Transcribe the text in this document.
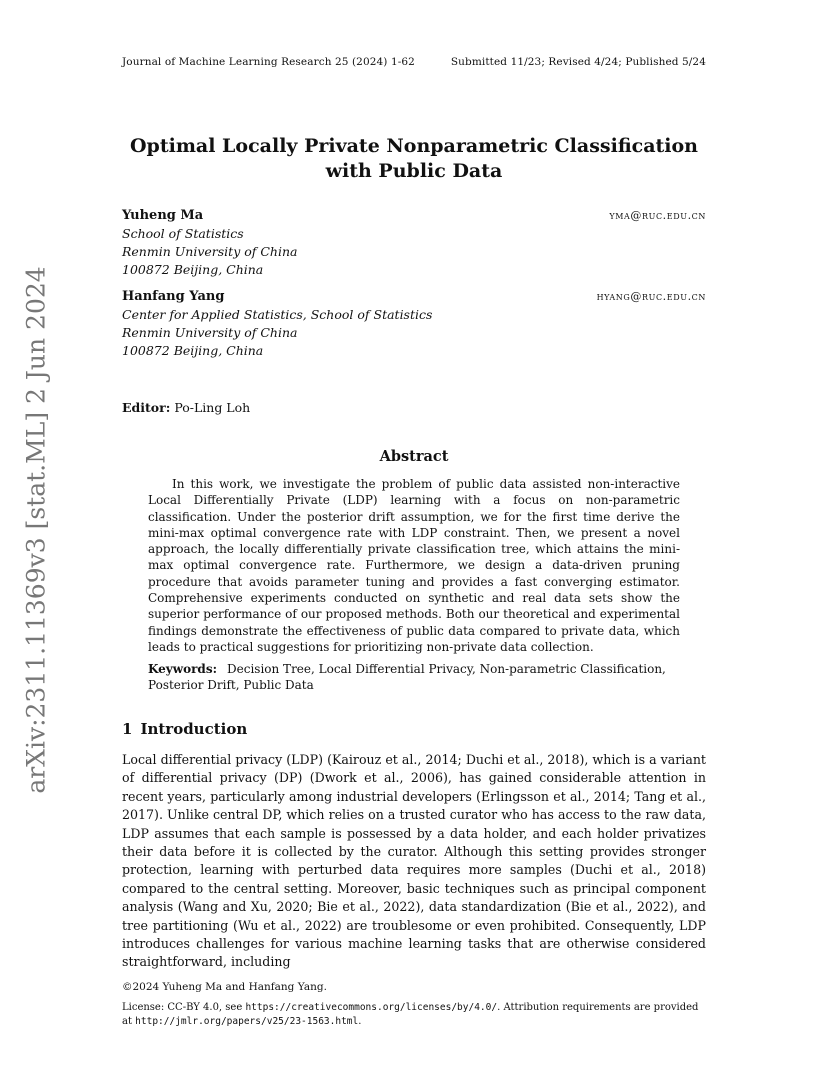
Journal of Machine Learning Research 25 (2024) 1-62	Submitted 11/23; Revised 4/24; Published 5/24
arXiv:2311.11369v3 [stat.ML] 2 Jun 2024
Optimal Locally Private Nonparametric Classification
with Public Data
Yuheng Ma	yma@ruc.edu.cn
School of Statistics
Renmin University of China
100872 Beijing, China
Hanfang Yang	hyang@ruc.edu.cn
Center for Applied Statistics, School of Statistics
Renmin University of China
100872 Beijing, China
Editor: Po-Ling Loh
Abstract

In this work, we investigate the problem of public data assisted non-interactive Local Differentially Private (LDP) learning with a focus on non-parametric classification. Under the posterior drift assumption, we for the first time derive the mini-max optimal convergence rate with LDP constraint. Then, we present a novel approach, the locally differentially private classification tree, which attains the mini-max optimal convergence rate. Furthermore, we design a data-driven pruning procedure that avoids parameter tuning and provides a fast converging estimator. Comprehensive experiments conducted on synthetic and real data sets show the superior performance of our proposed methods. Both our theoretical and experimental findings demonstrate the effectiveness of public data compared to private data, which leads to practical suggestions for prioritizing non-private data collection.

Keywords: Decision Tree, Local Differential Privacy, Non-parametric Classification, Posterior Drift, Public Data

1 Introduction

Local differential privacy (LDP) (Kairouz et al., 2014; Duchi et al., 2018), which is a variant of differential privacy (DP) (Dwork et al., 2006), has gained considerable attention in recent years, particularly among industrial developers (Erlingsson et al., 2014; Tang et al., 2017). Unlike central DP, which relies on a trusted curator who has access to the raw data, LDP assumes that each sample is possessed by a data holder, and each holder privatizes their data before it is collected by the curator. Although this setting provides stronger protection, learning with perturbed data requires more samples (Duchi et al., 2018) compared to the central setting. Moreover, basic techniques such as principal component analysis (Wang and Xu, 2020; Bie et al., 2022), data standardization (Bie et al., 2022), and tree partitioning (Wu et al., 2022) are troublesome or even prohibited. Consequently, LDP introduces challenges for various machine learning tasks that are otherwise considered straightforward, including

©2024 Yuheng Ma and Hanfang Yang.

License: CC-BY 4.0, see https://creativecommons.org/licenses/by/4.0/. Attribution requirements are provided at http://jmlr.org/papers/v25/23-1563.html.
